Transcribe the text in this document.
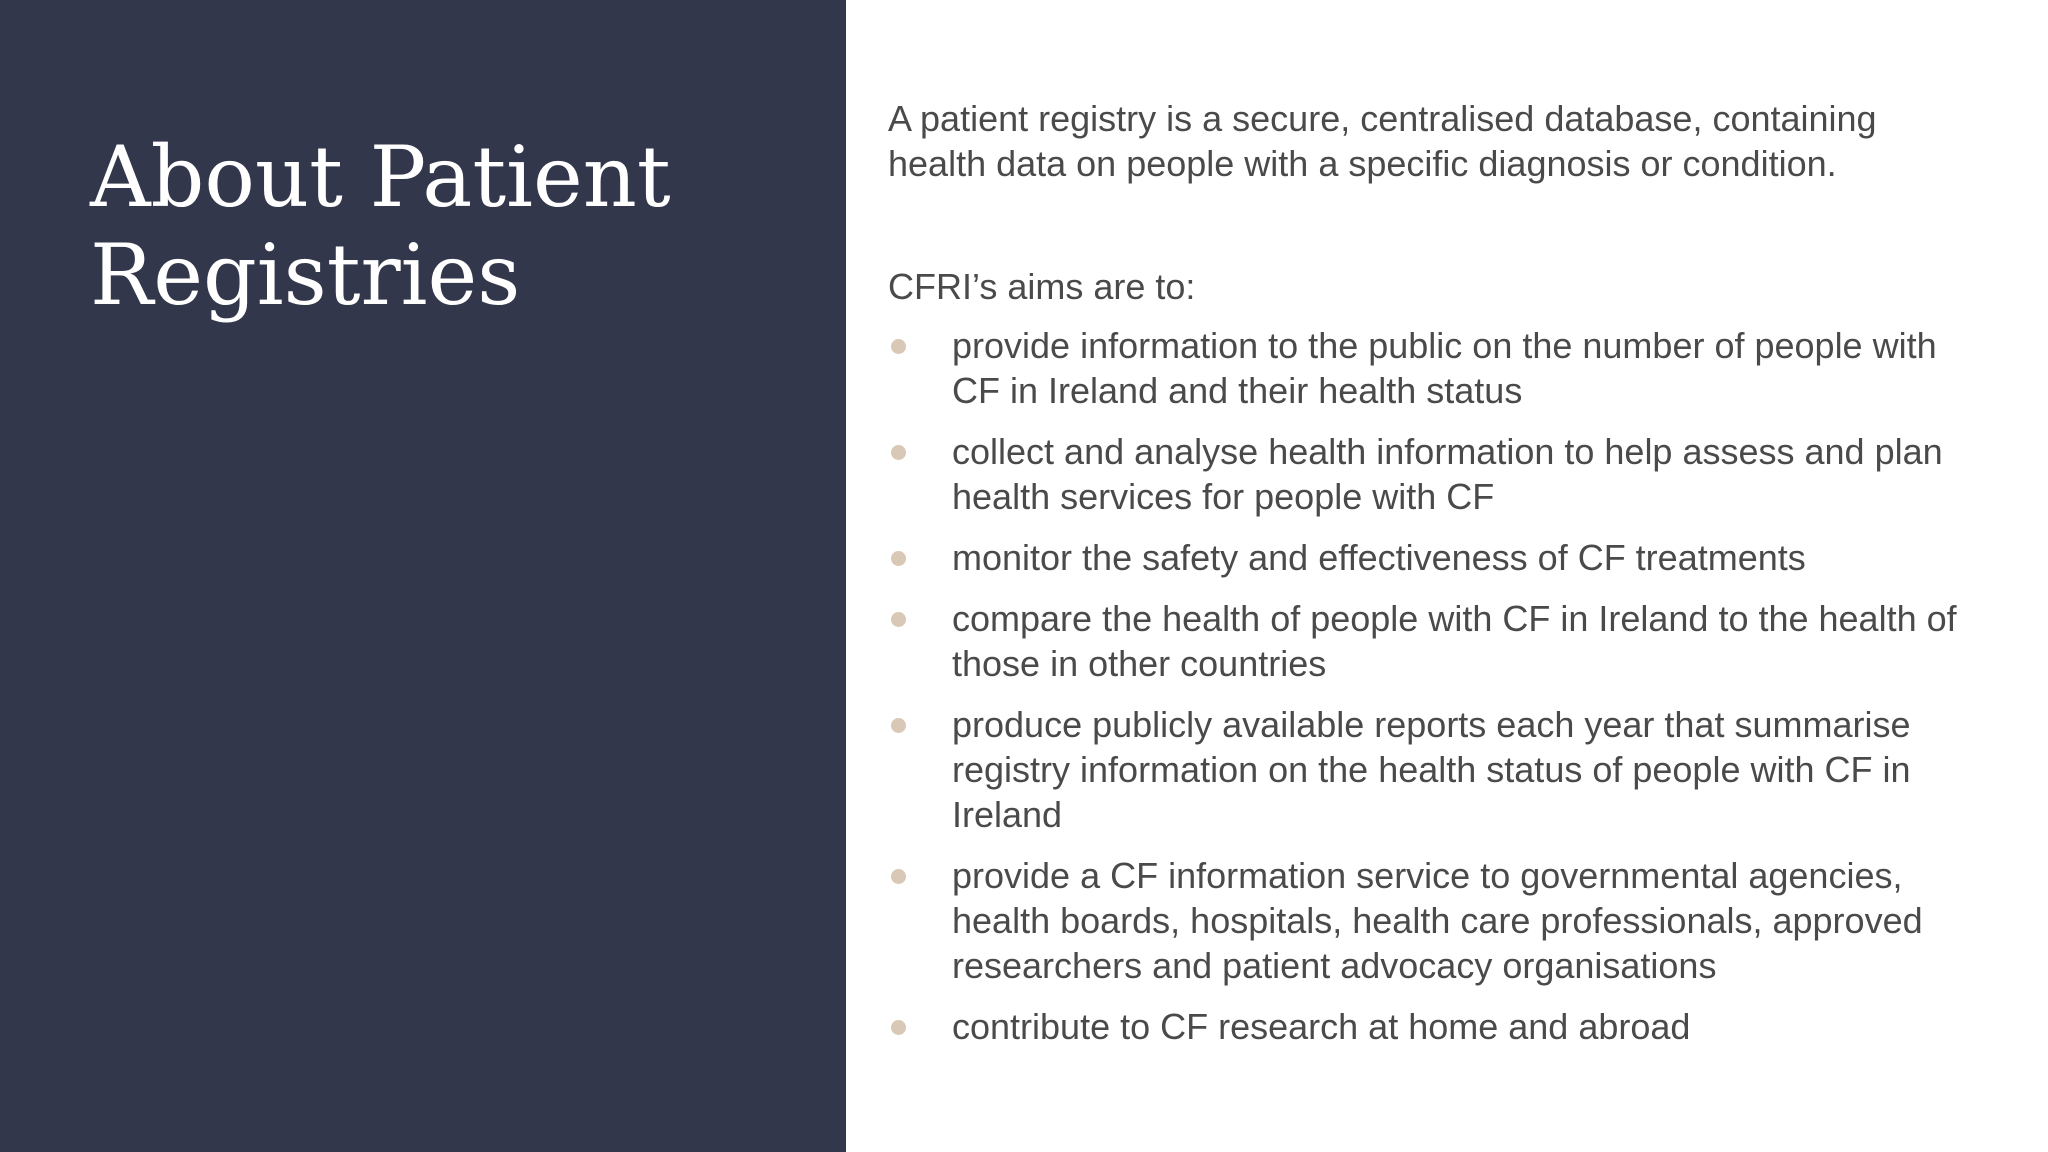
About Patient Registries

A patient registry is a secure, centralised database, containing health data on people with a specific diagnosis or condition.

CFRI’s aims are to:

provide information to the public on the number of people with CF in Ireland and their health status
collect and analyse health information to help assess and plan health services for people with CF
monitor the safety and effectiveness of CF treatments
compare the health of people with CF in Ireland to the health of those in other countries
produce publicly available reports each year that summarise registry information on the health status of people with CF in Ireland
provide a CF information service to governmental agencies, health boards, hospitals, health care professionals, approved researchers and patient advocacy organisations
contribute to CF research at home and abroad
